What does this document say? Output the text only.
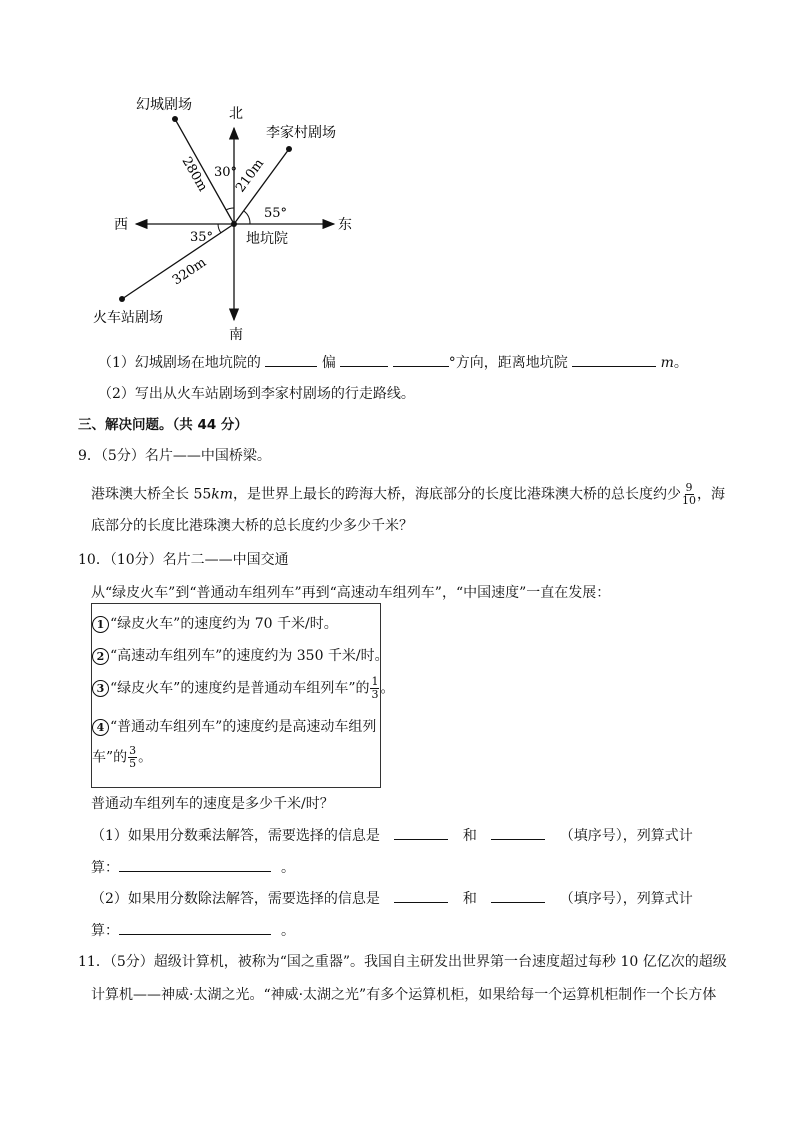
北
南
东
西
地坑院
幻城剧场
李家村剧场
火车站剧场
30°
55°
35°
280m 210m
320m
（1）幻城剧场在地坑院的	偏	°方向，距离地坑院	m。
（2）写出从火车站剧场到李家村剧场的行走路线。
三、解决问题。（共 44 分）
9．（5分）名片——中国桥梁。
港珠澳大桥全长 55km，是世界上最长的跨海大桥，海底部分的长度比港珠澳大桥的总长度约少 $\frac{9}{10}$ ，海
底部分的长度比港珠澳大桥的总长度约少多少千米？
10．（10分）名片二——中国交通
从“绿皮火车”到“普通动车组列车”再到“高速动车组列车”，“中国速度”一直在发展：
1 “绿皮火车”的速度约为 70 千米/时。
2 “高速动车组列车”的速度约为 350 千米/时。
3 “绿皮火车”的速度约是普通动车组列车”的 $\frac{1}{3}$ 。
4 “普通动车组列车”的速度约是高速动车组列
车”的 $\frac{3}{5}$ 。
普通动车组列车的速度是多少千米/时？
（1）如果用分数乘法解答，需要选择的信息是	和	（填序号），列算式计
算：	。
（2）如果用分数除法解答，需要选择的信息是	和	（填序号），列算式计
算：	。
11．（5分）超级计算机，被称为“国之重器”。我国自主研发出世界第一台速度超过每秒 10 亿亿次的超级
计算机——神威·太湖之光。“神威·太湖之光”有多个运算机柜，如果给每一个运算机柜制作一个长方体
